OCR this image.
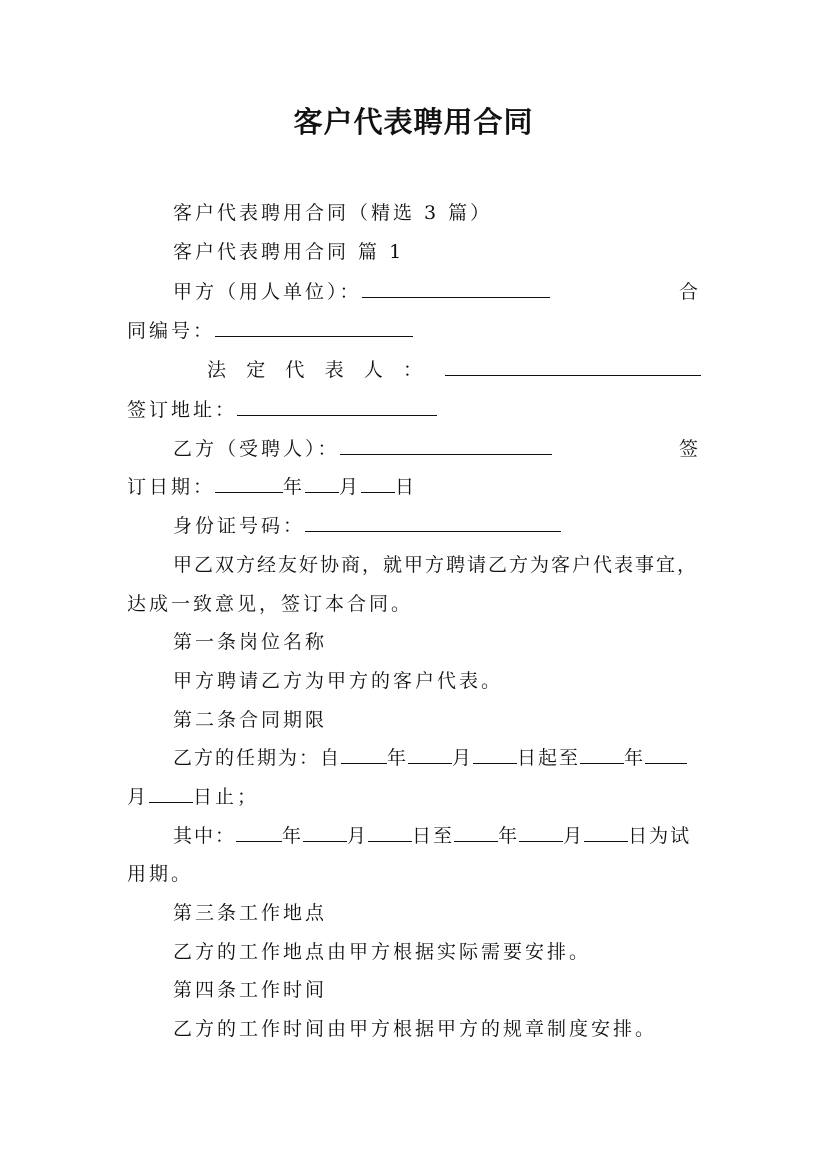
客户代表聘用合同
客户代表聘用合同（精选 3 篇）
客户代表聘用合同 篇 1
甲方（用人单位）：	合
同编号：
法 定 代 表 人 ：
签订地址：
乙方（受聘人）：	签
订日期：	年 月 日
身份证号码：
甲乙双方经友好协商，就甲方聘请乙方为客户代表事宜，
达成一致意见，签订本合同。
第一条岗位名称
甲方聘请乙方为甲方的客户代表。
第二条合同期限
乙方的任期为：自 年 月 日起至 年
月 日止；
其中： 年 月 日至 年 月 日为试
用期。
第三条工作地点
乙方的工作地点由甲方根据实际需要安排。
第四条工作时间
乙方的工作时间由甲方根据甲方的规章制度安排。
